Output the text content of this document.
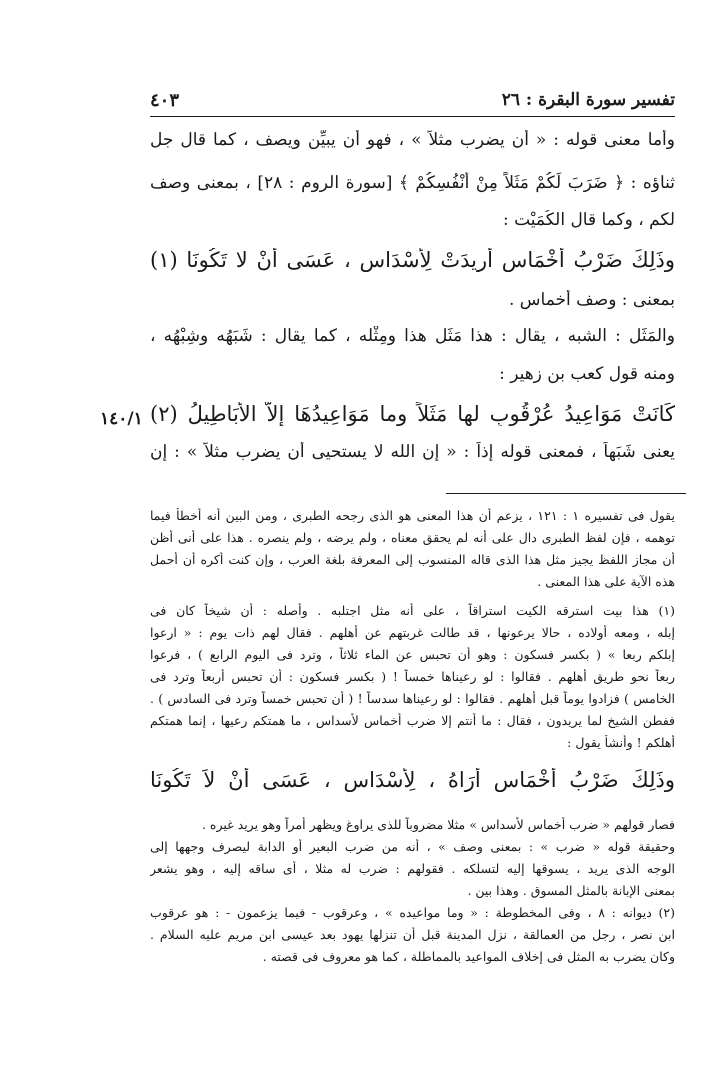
٤٠٣	تفسير سورة البقرة : ٢٦
وأما معنى قوله : « أن يضرب مثلاً » ، فهو أن يبيِّن ويصف ، كما قال جل
ثناؤه : ﴿ ضَرَبَ لَكُمْ مَثَلاً مِنْ أَنْفُسِكُمْ ﴾ [سورة الروم : ٢٨] ، بمعنى وصف
لكم ، وكما قال الكُمَيْت :
وذَلِكَ ضَرْبُ أَخْمَاسٍ أُرِيدَتْ لِأَسْدَاسٍ ، عَسَى أنْ لا تَكُونَا (١)
بمعنى : وصف أخماس .
والمَثَل : الشبه ، يقال : هذا مَثَل هذا ومِثْله ، كما يقال : شَبَهُه وشِبْهُه ،
ومنه قول كعب بن زهير :
كَانَتْ مَوَاعِيدُ عُرْقُوبٍ لها مَثَلاً وما مَوَاعِيدُهَا إلاَّ الأبَاطِيلُ (٢)
يعنى شَبَهاً ، فمعنى قوله إذاً : « إن الله لا يستحيى أن يضرب مثلاً » : إن
١٤٠/١
يقول فى تفسيره ١ : ١٢١ ، يزعم أن هذا المعنى هو الذى رجحه الطبرى ، ومن البين أنه أخطأ فيما
توهمه ، فإن لفظ الطبرى دال على أنه لم يحقق معناه ، ولم يرضه ، ولم ينصره . هذا على أنى أظن
أن مجاز اللفظ يجيز مثل هذا الذى قاله المنسوب إلى المعرفة بلغة العرب ، وإن كنت أكره أن أحمل
هذه الآية على هذا المعنى .
(١) هذا بيت استرقه الكيت استراقاً ، على أنه مثل اجتلبه . وأصله : أن شيخاً كان فى
إبله ، ومعه أولاده ، حالا يرعونها ، قد طالت غربتهم عن أهلهم . فقال لهم ذات يوم : « ارعوا
إبلكم ربعا » ( بكسر فسكون : وهو أن تحبس عن الماء ثلاثاً ، وترد فى اليوم الرابع ) ، فرعوا
ربعاً نحو طريق أهلهم . فقالوا : لو رعيناها خمساً ! ( بكسر فسكون : أن تحبس أربعاً وترد فى
الخامس ) فزادوا يوماً قبل أهلهم . فقالوا : لو رعيناها سدساً ! ( أن تحبس خمساً وترد فى السادس ) .
ففطن الشيخ لما يريدون ، فقال : ما أنتم إلا ضرب أخماس لأسداس ، ما همتكم رعيها ، إنما همتكم
أهلكم ! وأنشأ يقول :
وذَلِكَ ضَرْبُ أَخْمَاسٍ أَرَاهُ ، لِأَسْدَاسٍ ، عَسَى أنْ لاَ تَكُونَا
فصار قولهم « ضرب أخماس لأسداس » مثلا مضروباً للذى يراوغ ويظهر أمراً وهو يريد غيره .
وحقيقة قوله « ضرب » : بمعنى وصف » ، أنه من ضرب البعير أو الدابة ليصرف وجهها إلى
الوجه الذى يريد ، يسوقها إليه لتسلكه . فقولهم : ضرب له مثلا ، أى ساقه إليه ، وهو يشعر
بمعنى الإبانة بالمثل المسوق . وهذا بين .
(٢) ديوانه : ٨ ، وفى المخطوطة : « وما مواعيده » ، وعرقوب - فيما يزعمون - : هو عرقوب
ابن نصر ، رجل من العمالقة ، نزل المدينة قبل أن تنزلها يهود بعد عيسى ابن مريم عليه السلام .
وكان يضرب به المثل فى إخلاف المواعيد بالمماطلة ، كما هو معروف فى قصته .
